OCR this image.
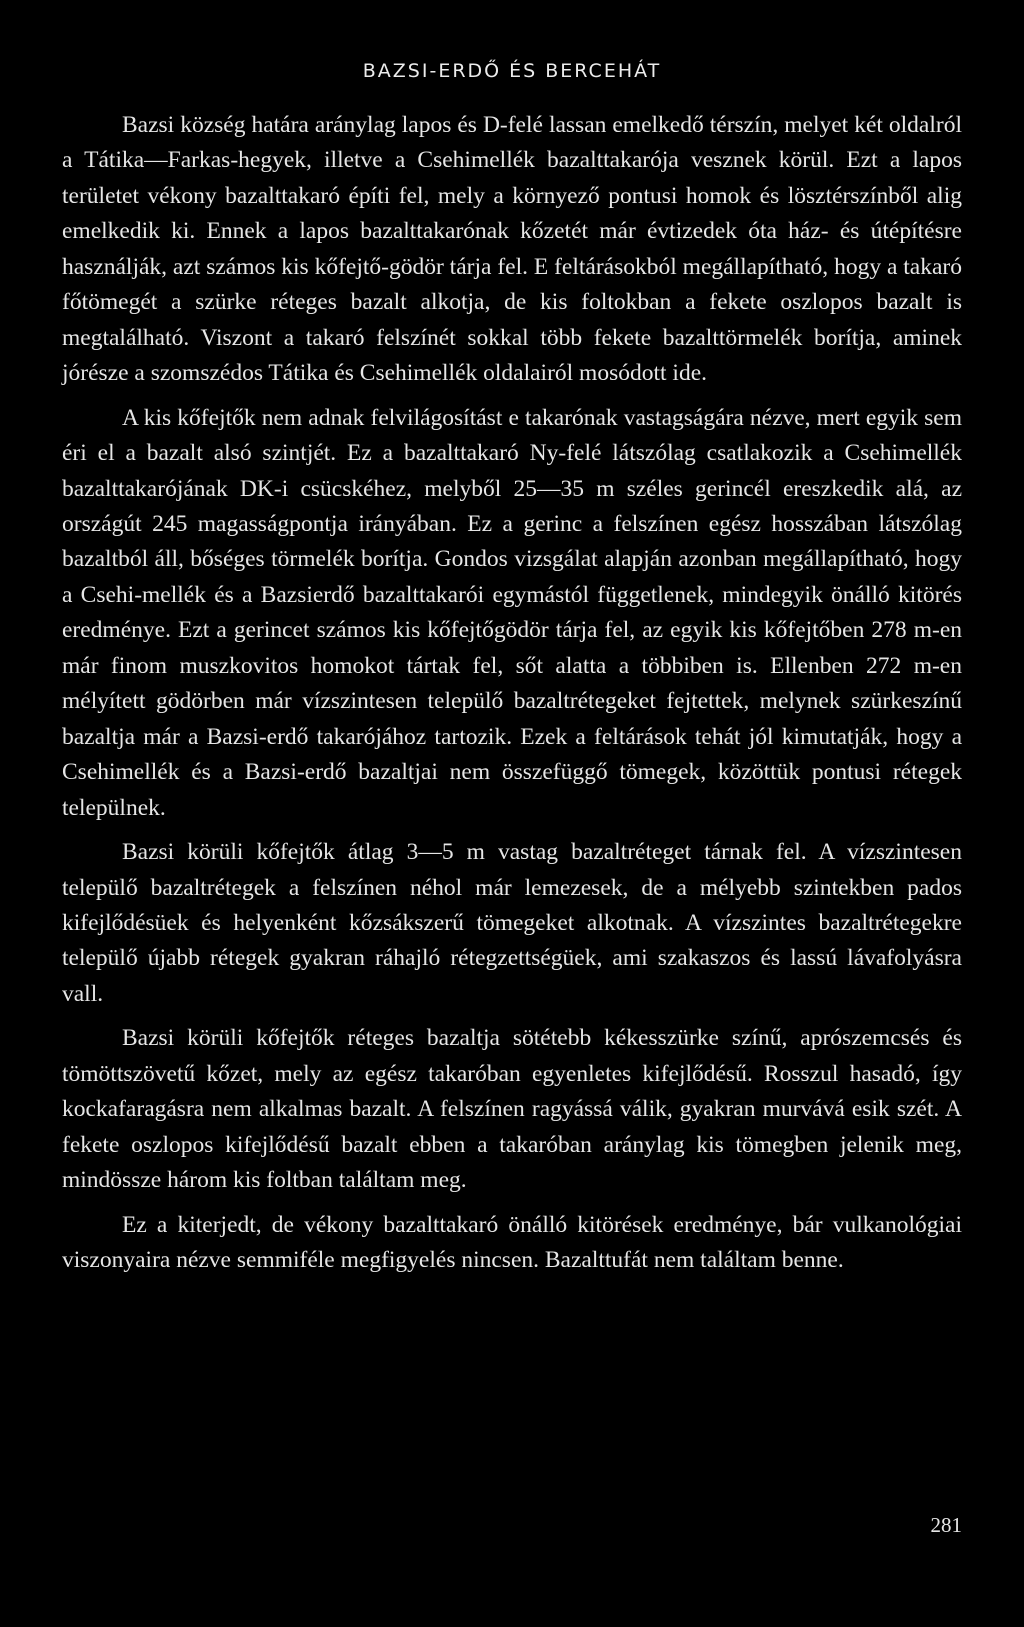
BAZSI-ERDŐ ÉS BERCEHÁT

Bazsi község határa aránylag lapos és D-felé lassan emelkedő térszín, melyet két oldalról a Tátika—Farkas-hegyek, illetve a Csehimellék bazalttakarója vesznek körül. Ezt a lapos területet vékony bazalttakaró építi fel, mely a környező pontusi homok és lösztérszínből alig emelkedik ki. Ennek a lapos bazalttakarónak kőzetét már évtizedek óta ház- és útépítésre használják, azt számos kis kőfejtő-gödör tárja fel. E feltárásokból megállapítható, hogy a takaró főtömegét a szürke réteges bazalt alkotja, de kis foltokban a fekete oszlopos bazalt is megtalálható. Viszont a takaró felszínét sokkal több fekete bazalttörmelék borítja, aminek jórésze a szomszédos Tátika és Csehimellék oldalairól mosódott ide.

A kis kőfejtők nem adnak felvilágosítást e takarónak vastagságára nézve, mert egyik sem éri el a bazalt alsó szintjét. Ez a bazalttakaró Ny-felé látszólag csatlakozik a Csehimellék bazalttakarójának DK-i csücskéhez, melyből 25—35 m széles gerincél ereszkedik alá, az országút 245 magasságpontja irányában. Ez a gerinc a felszínen egész hosszában látszólag bazaltból áll, bőséges törmelék borítja. Gondos vizsgálat alapján azonban megállapítható, hogy a Csehi-mellék és a Bazsierdő bazalttakarói egymástól függetlenek, mindegyik önálló kitörés eredménye. Ezt a gerincet számos kis kőfejtőgödör tárja fel, az egyik kis kőfejtőben 278 m-en már finom muszkovitos homokot tártak fel, sőt alatta a többiben is. Ellenben 272 m-en mélyített gödörben már vízszintesen települő bazaltrétegeket fejtettek, melynek szürkeszínű bazaltja már a Bazsi-erdő takarójához tartozik. Ezek a feltárások tehát jól kimutatják, hogy a Csehimellék és a Bazsi-erdő bazaltjai nem összefüggő tömegek, közöttük pontusi rétegek települnek.

Bazsi körüli kőfejtők átlag 3—5 m vastag bazaltréteget tárnak fel. A vízszintesen települő bazaltrétegek a felszínen néhol már lemezesek, de a mélyebb szintekben pados kifejlődésüek és helyenként kőzsákszerű tömegeket alkotnak. A vízszintes bazaltrétegekre települő újabb rétegek gyakran ráhajló rétegzettségüek, ami szakaszos és lassú lávafolyásra vall.

Bazsi körüli kőfejtők réteges bazaltja sötétebb kékesszürke színű, aprószemcsés és tömöttszövetű kőzet, mely az egész takaróban egyenletes kifejlődésű. Rosszul hasadó, így kockafaragásra nem alkalmas bazalt. A felszínen ragyássá válik, gyakran murvává esik szét. A fekete oszlopos kifejlődésű bazalt ebben a takaróban aránylag kis tömegben jelenik meg, mindössze három kis foltban találtam meg.

Ez a kiterjedt, de vékony bazalttakaró önálló kitörések eredménye, bár vulkanológiai viszonyaira nézve semmiféle megfigyelés nincsen. Bazalttufát nem találtam benne.

281
